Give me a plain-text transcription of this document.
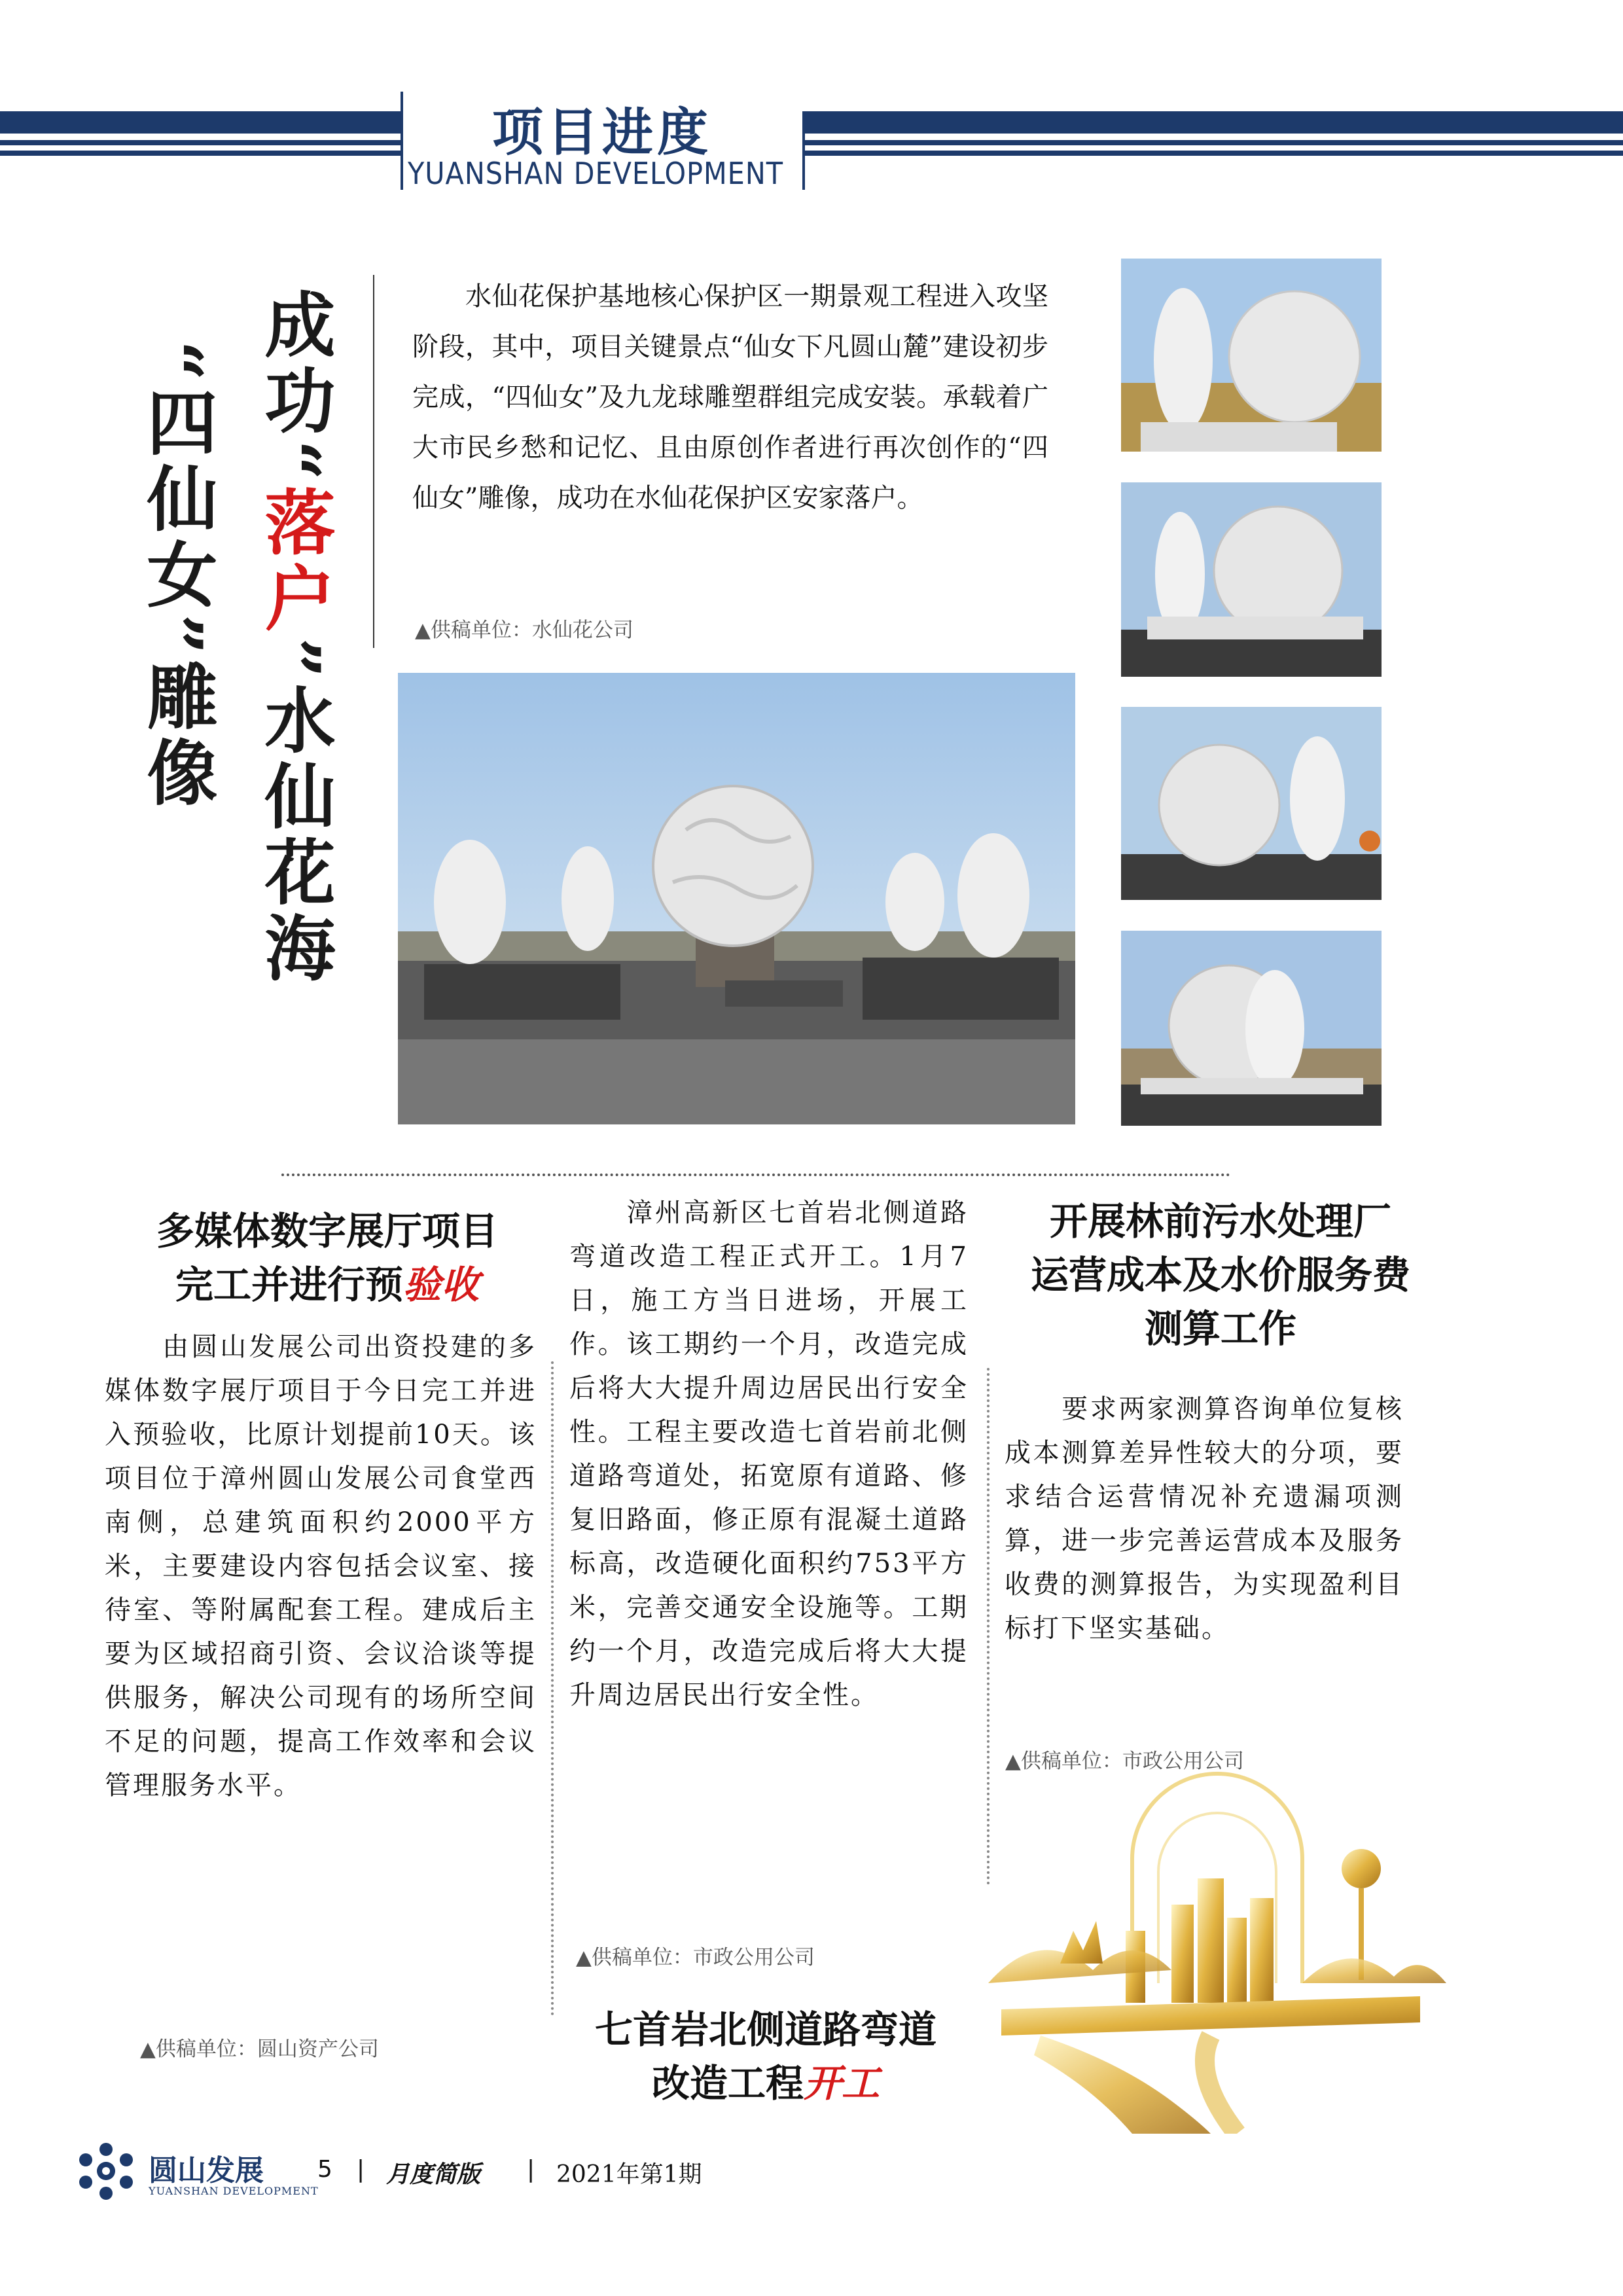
项目进度
YUANSHAN DEVELOPMENT
成功“落户”水仙花海
“四仙女”雕像
　　水仙花保护基地核心保护区一期景观工程进入攻坚阶段，其中，项目关键景点“仙女下凡圆山麓”建设初步完成，“四仙女”及九龙球雕塑群组完成安装。承载着广大市民乡愁和记忆、且由原创作者进行再次创作的“四仙女”雕像，成功在水仙花保护区安家落户。
▲供稿单位：水仙花公司
多媒体数字展厅项目
完工并进行预验收
　　由圆山发展公司出资投建的多媒体数字展厅项目于今日完工并进入预验收，比原计划提前10天。该项目位于漳州圆山发展公司食堂西南侧，总建筑面积约2000平方米，主要建设内容包括会议室、接待室、等附属配套工程。建成后主要为区域招商引资、会议洽谈等提供服务，解决公司现有的场所空间不足的问题，提高工作效率和会议管理服务水平。
▲供稿单位：圆山资产公司
　　漳州高新区七首岩北侧道路弯道改造工程正式开工。1月7日，施工方当日进场，开展工作。该工期约一个月，改造完成后将大大提升周边居民出行安全性。工程主要改造七首岩前北侧道路弯道处，拓宽原有道路、修复旧路面，修正原有混凝土道路标高，改造硬化面积约753平方米，完善交通安全设施等。工期约一个月，改造完成后将大大提升周边居民出行安全性。
▲供稿单位：市政公用公司
七首岩北侧道路弯道
改造工程开工
开展林前污水处理厂
运营成本及水价服务费
测算工作
　　要求两家测算咨询单位复核成本测算差异性较大的分项，要求结合运营情况补充遗漏项测算，进一步完善运营成本及服务收费的测算报告，为实现盈利目标打下坚实基础。
▲供稿单位：市政公用公司
圆山发展
YUANSHAN DEVELOPMENT
5 | 月度简版 | 2021年第1期
